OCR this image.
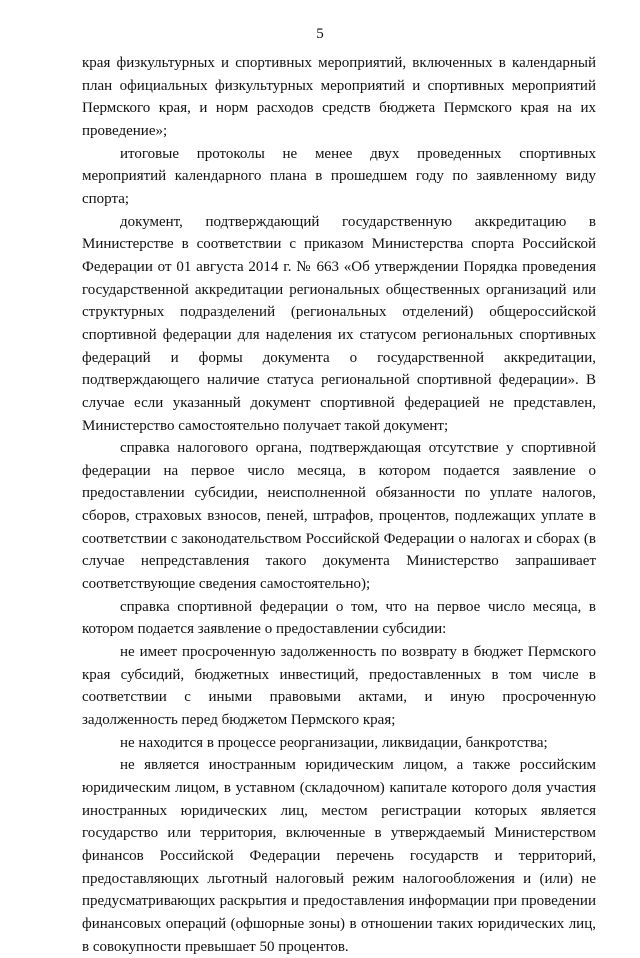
5

края физкультурных и спортивных мероприятий, включенных в календарный план официальных физкультурных мероприятий и спортивных мероприятий Пермского края, и норм расходов средств бюджета Пермского края на их проведение»;

итоговые протоколы не менее двух проведенных спортивных мероприятий календарного плана в прошедшем году по заявленному виду спорта;

документ, подтверждающий государственную аккредитацию в Министерстве в соответствии с приказом Министерства спорта Российской Федерации от 01 августа 2014 г. № 663 «Об утверждении Порядка проведения государственной аккредитации региональных общественных организаций или структурных подразделений (региональных отделений) общероссийской спортивной федерации для наделения их статусом региональных спортивных федераций и формы документа о государственной аккредитации, подтверждающего наличие статуса региональной спортивной федерации». В случае если указанный документ спортивной федерацией не представлен, Министерство самостоятельно получает такой документ;

справка налогового органа, подтверждающая отсутствие у спортивной федерации на первое число месяца, в котором подается заявление о предоставлении субсидии, неисполненной обязанности по уплате налогов, сборов, страховых взносов, пеней, штрафов, процентов, подлежащих уплате в соответствии с законодательством Российской Федерации о налогах и сборах (в случае непредставления такого документа Министерство запрашивает соответствующие сведения самостоятельно);

справка спортивной федерации о том, что на первое число месяца, в котором подается заявление о предоставлении субсидии:

не имеет просроченную задолженность по возврату в бюджет Пермского края субсидий, бюджетных инвестиций, предоставленных в том числе в соответствии с иными правовыми актами, и иную просроченную задолженность перед бюджетом Пермского края;

не находится в процессе реорганизации, ликвидации, банкротства;

не является иностранным юридическим лицом, а также российским юридическим лицом, в уставном (складочном) капитале которого доля участия иностранных юридических лиц, местом регистрации которых является государство или территория, включенные в утверждаемый Министерством финансов Российской Федерации перечень государств и территорий, предоставляющих льготный налоговый режим налогообложения и (или) не предусматривающих раскрытия и предоставления информации при проведении финансовых операций (офшорные зоны) в отношении таких юридических лиц, в совокупности превышает 50 процентов.
